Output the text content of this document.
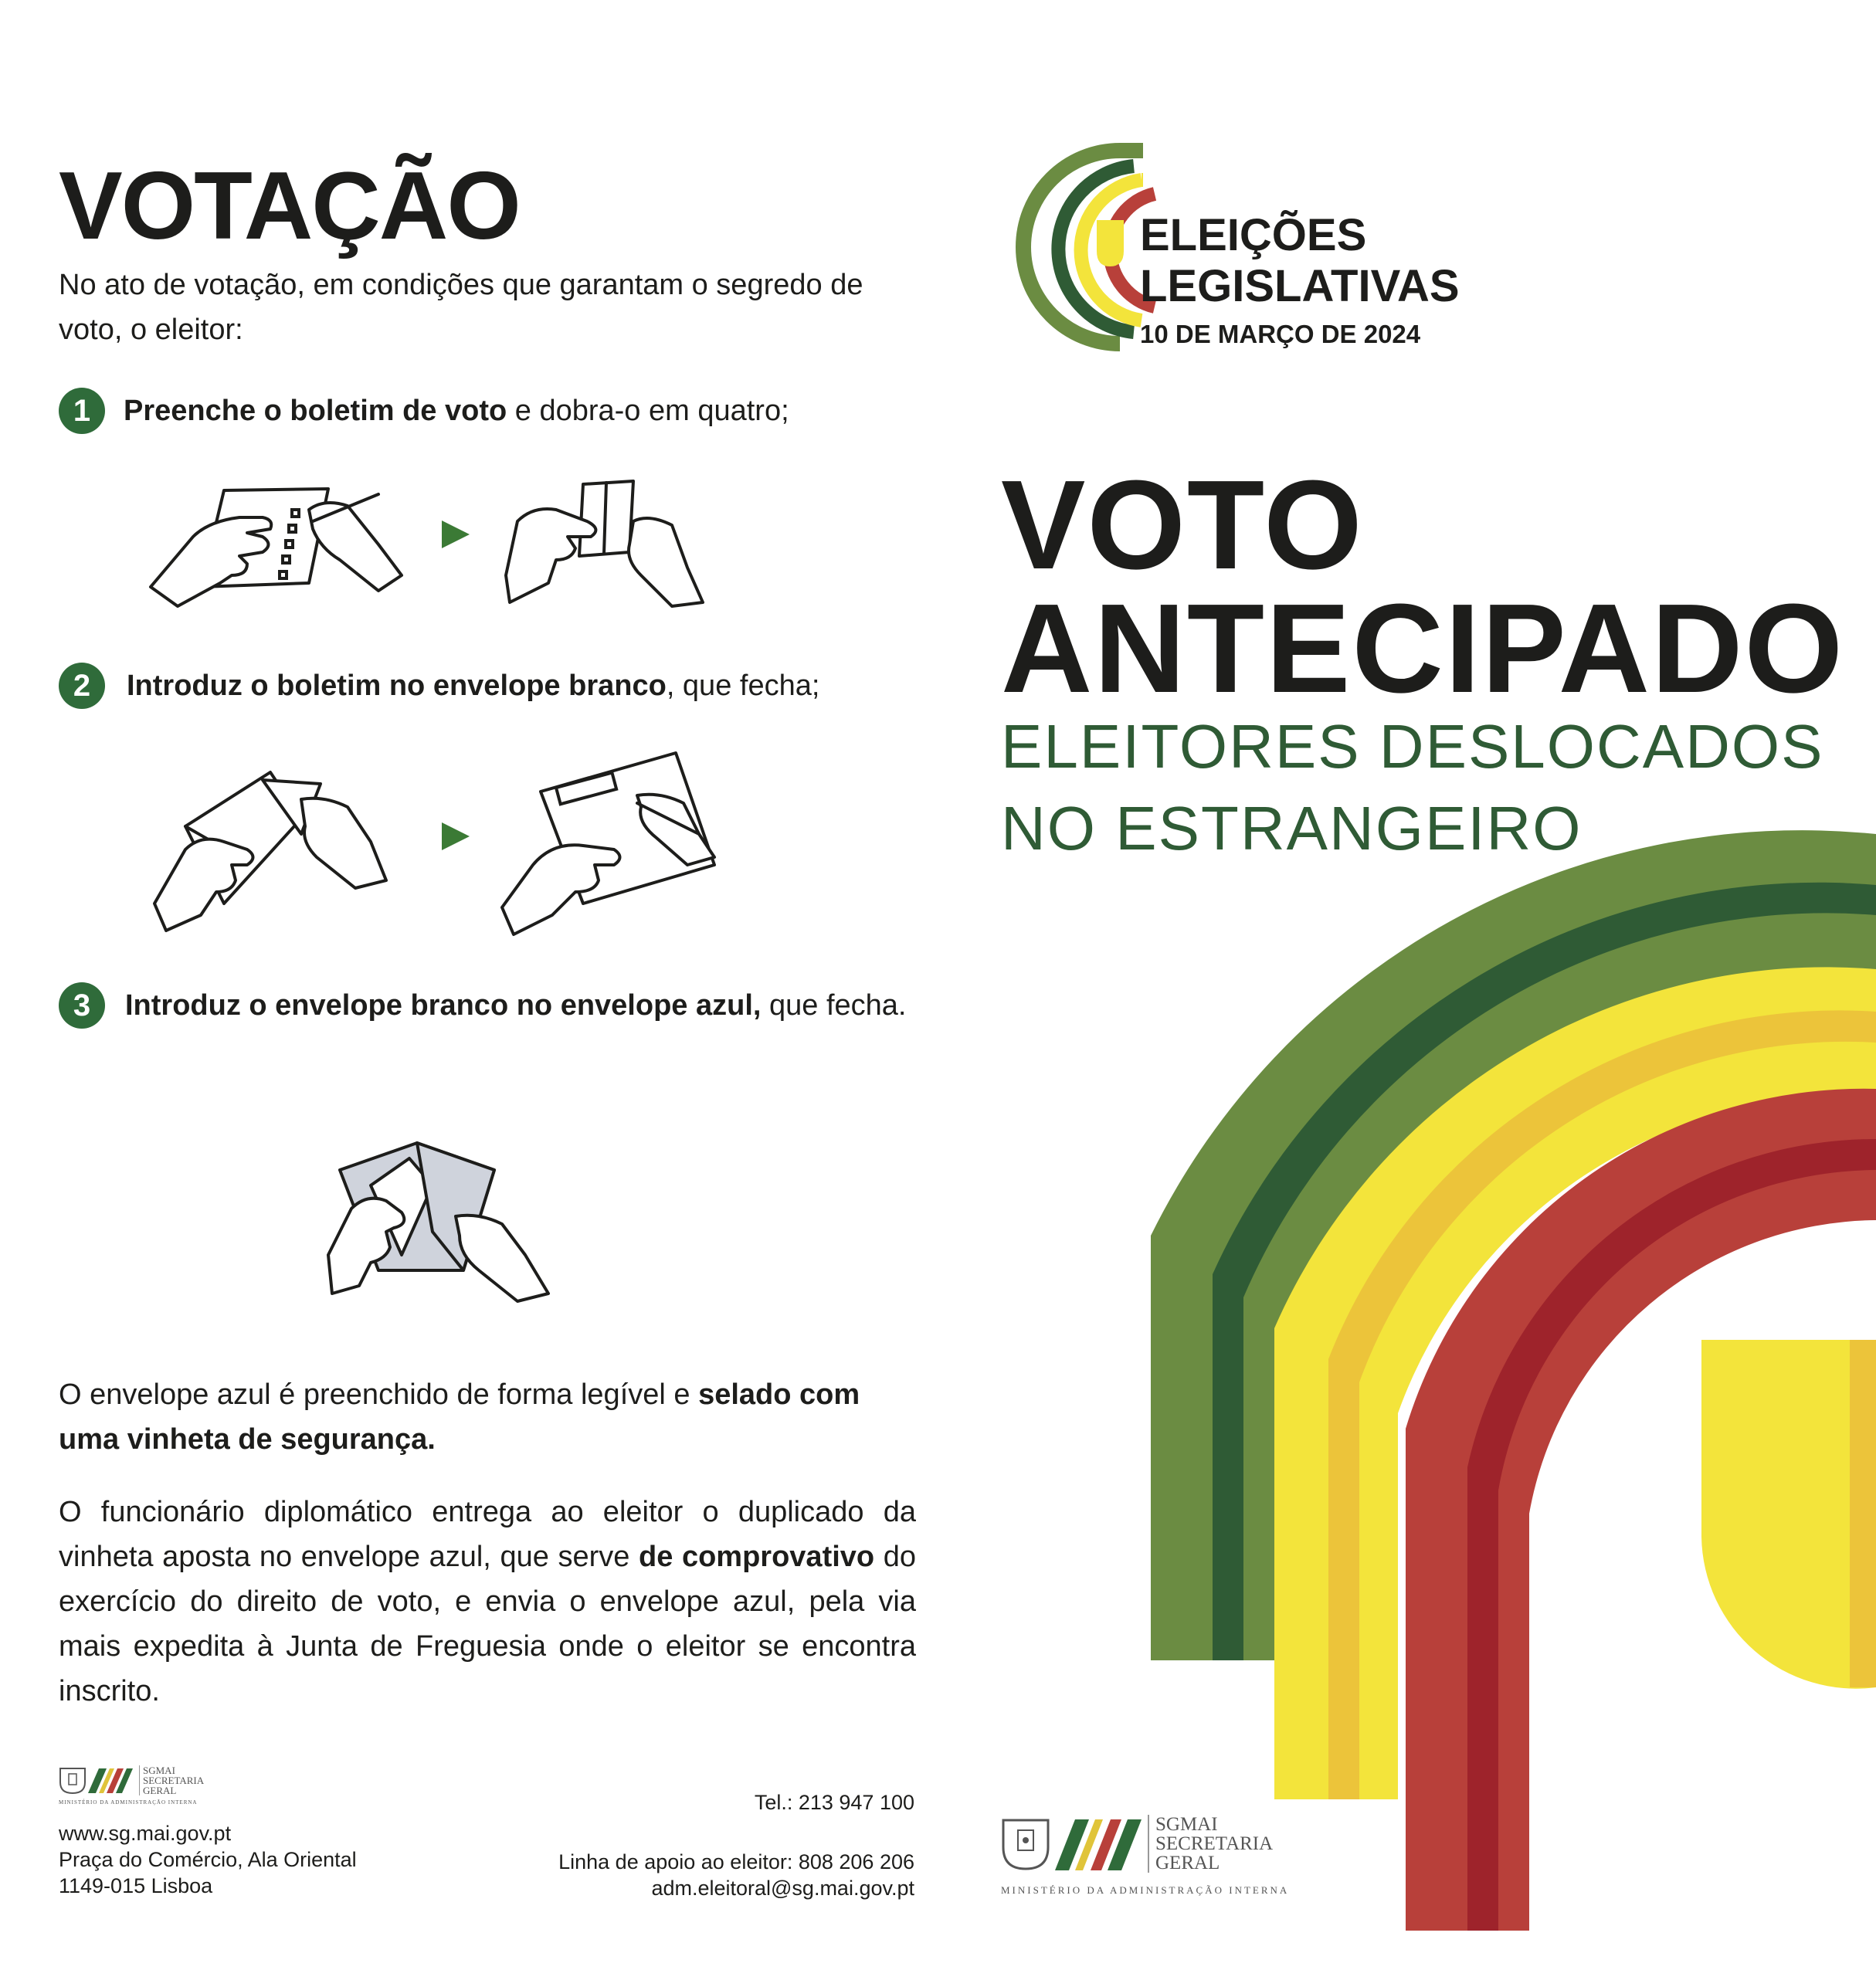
VOTAÇÃO
No ato de votação, em condições que garantam o segredo de voto, o eleitor:
1	Preenche o boletim de voto e dobra-o em quatro;
2	Introduz o boletim no envelope branco, que fecha;
3	Introduz o envelope branco no envelope azul, que fecha.
O envelope azul é preenchido de forma legível e selado com uma vinheta de segurança.
O funcionário diplomático entrega ao eleitor o duplicado da vinheta aposta no envelope azul, que serve de comprovativo do exercício do direito de voto, e envia o envelope azul, pela via mais expedita à Junta de Freguesia onde o eleitor se encontra inscrito.
SGMAI
SECRETARIA
GERAL
MINISTÉRIO DA ADMINISTRAÇÃO INTERNA
www.sg.mai.gov.pt
Praça do Comércio, Ala Oriental
1149-015 Lisboa
Tel.: 213 947 100
Linha de apoio ao eleitor: 808 206 206
adm.eleitoral@sg.mai.gov.pt
ELEIÇÕES
LEGISLATIVAS
10 DE MARÇO DE 2024
VOTO
ANTECIPADO
ELEITORES DESLOCADOS
NO ESTRANGEIRO
SGMAI
SECRETARIA
GERAL
MINISTÉRIO DA ADMINISTRAÇÃO INTERNA
